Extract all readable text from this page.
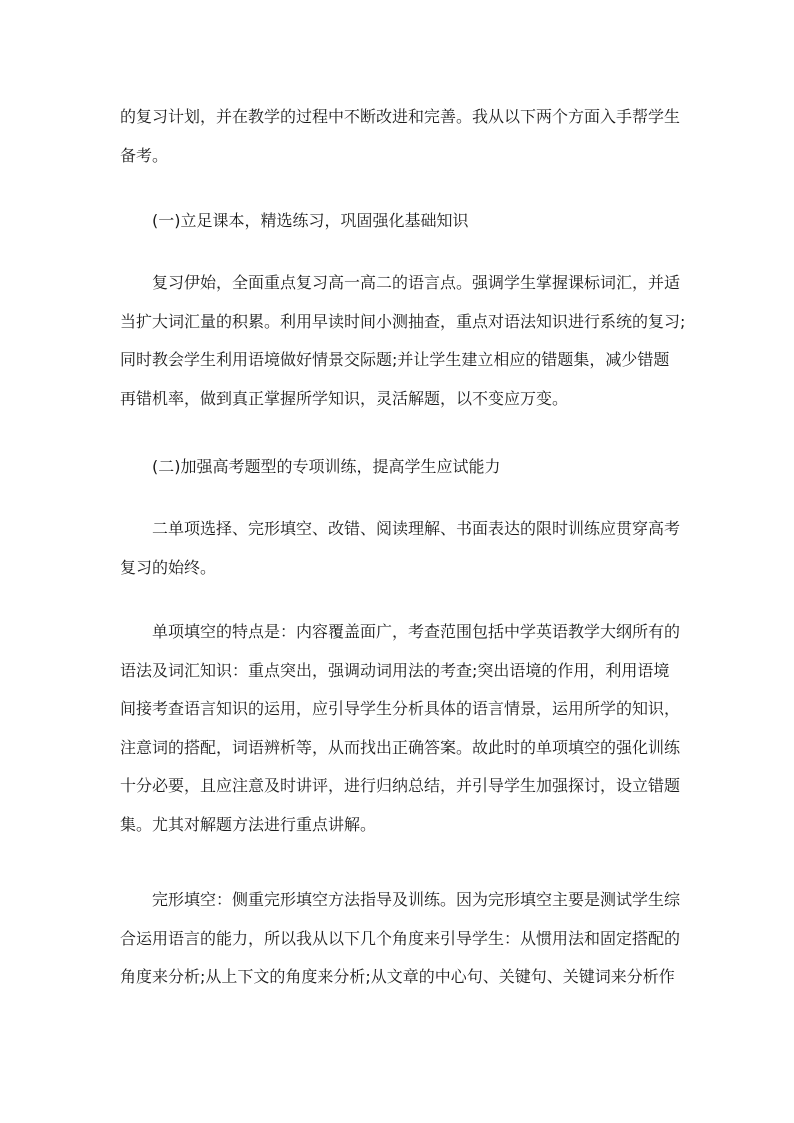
的复习计划，并在教学的过程中不断改进和完善。我从以下两个方面入手帮学生
备考。
(一)立足课本，精选练习，巩固强化基础知识
复习伊始，全面重点复习高一高二的语言点。强调学生掌握课标词汇，并适
当扩大词汇量的积累。利用早读时间小测抽查，重点对语法知识进行系统的复习;
同时教会学生利用语境做好情景交际题;并让学生建立相应的错题集，减少错题
再错机率，做到真正掌握所学知识，灵活解题，以不变应万变。
(二)加强高考题型的专项训练，提高学生应试能力
二单项选择、完形填空、改错、阅读理解、书面表达的限时训练应贯穿高考
复习的始终。
单项填空的特点是：内容覆盖面广，考查范围包括中学英语教学大纲所有的
语法及词汇知识：重点突出，强调动词用法的考查;突出语境的作用，利用语境
间接考查语言知识的运用，应引导学生分析具体的语言情景，运用所学的知识，
注意词的搭配，词语辨析等，从而找出正确答案。故此时的单项填空的强化训练
十分必要，且应注意及时讲评，进行归纳总结，并引导学生加强探讨，设立错题
集。尤其对解题方法进行重点讲解。
完形填空：侧重完形填空方法指导及训练。因为完形填空主要是测试学生综
合运用语言的能力，所以我从以下几个角度来引导学生：从惯用法和固定搭配的
角度来分析;从上下文的角度来分析;从文章的中心句、关键句、关键词来分析作
